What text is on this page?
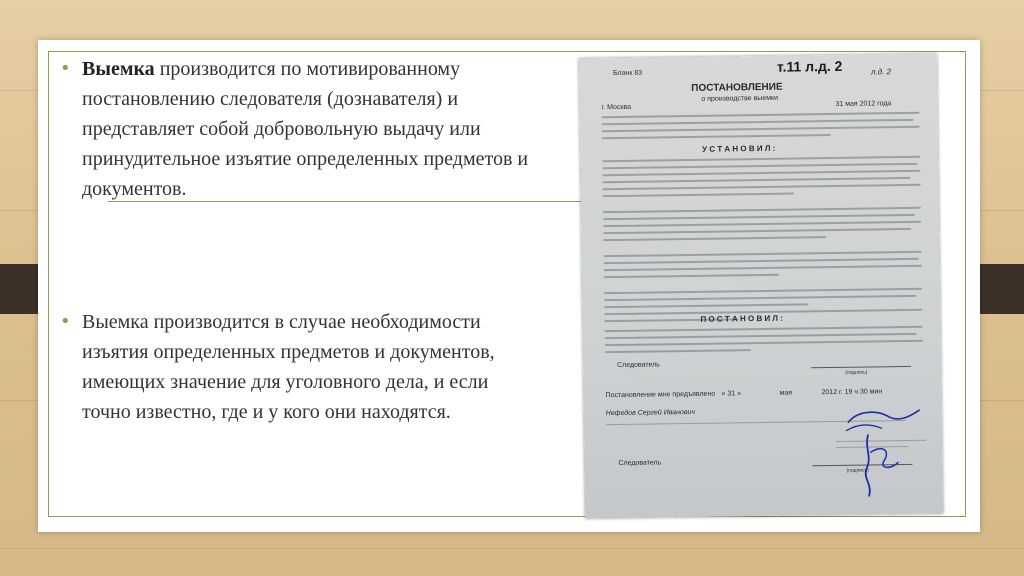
• Выемка производится по мотивированному постановлению следователя (дознавателя) и представляет собой добровольную выдачу или принудительное изъятие определенных предметов и документов.
• Выемка производится в случае необходимости изъятия определенных предметов и документов, имеющих значение для уголовного дела, и если точно известно, где и у кого они находятся.
Бланк 83	т.11 л.д. 2	л.д. 2
ПОСТАНОВЛЕНИЕ
о производстве выемки
г. Москва	31 мая 2012 года
У С Т А Н О В И Л :
П О С Т А Н О В И Л :
Следователь
(подпись)
Постановление мне предъявлено « 31 »	мая	2012 г. 19 ч 30 мин
Нефедов Сергей Иванович
Следователь
(подпись)
